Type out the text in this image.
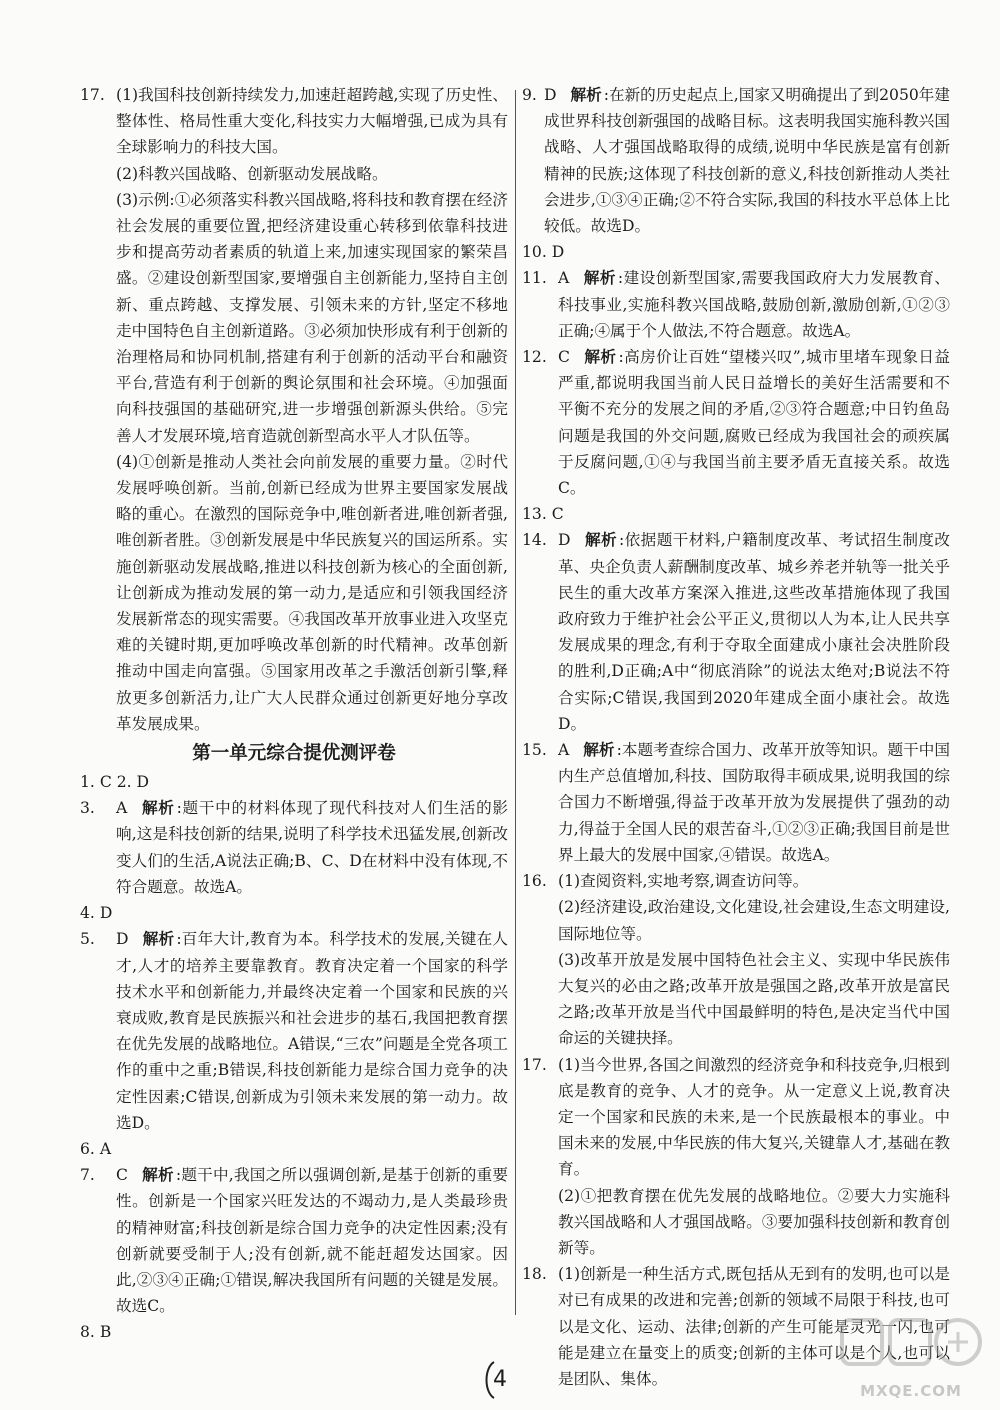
17. (1)我国科技创新持续发力,加速赶超跨越,实现了历史性、整体性、格局性重大变化,科技实力大幅增强,已成为具有全球影响力的科技大国。
(2)科教兴国战略、创新驱动发展战略。
(3)示例:①必须落实科教兴国战略,将科技和教育摆在经济社会发展的重要位置,把经济建设重心转移到依靠科技进步和提高劳动者素质的轨道上来,加速实现国家的繁荣昌盛。②建设创新型国家,要增强自主创新能力,坚持自主创新、重点跨越、支撑发展、引领未来的方针,坚定不移地走中国特色自主创新道路。③必须加快形成有利于创新的治理格局和协同机制,搭建有利于创新的活动平台和融资平台,营造有利于创新的舆论氛围和社会环境。④加强面向科技强国的基础研究,进一步增强创新源头供给。⑤完善人才发展环境,培育造就创新型高水平人才队伍等。
(4)①创新是推动人类社会向前发展的重要力量。②时代发展呼唤创新。当前,创新已经成为世界主要国家发展战略的重心。在激烈的国际竞争中,唯创新者进,唯创新者强,唯创新者胜。③创新发展是中华民族复兴的国运所系。实施创新驱动发展战略,推进以科技创新为核心的全面创新,让创新成为推动发展的第一动力,是适应和引领我国经济发展新常态的现实需要。④我国改革开放事业进入攻坚克难的关键时期,更加呼唤改革创新的时代精神。改革创新推动中国走向富强。⑤国家用改革之手激活创新引擎,释放更多创新活力,让广大人民群众通过创新更好地分享改革发展成果。
第一单元综合提优测评卷
1. C 2. D
3.	A 解析 :题干中的材料体现了现代科技对人们生活的影响,这是科技创新的结果,说明了科学技术迅猛发展,创新改变人们的生活,A说法正确;B、C、D在材料中没有体现,不符合题意。故选A。
4. D
5.	D 解析 :百年大计,教育为本。科学技术的发展,关键在人才,人才的培养主要靠教育。教育决定着一个国家的科学技术水平和创新能力,并最终决定着一个国家和民族的兴衰成败,教育是民族振兴和社会进步的基石,我国把教育摆在优先发展的战略地位。A错误,“三农”问题是全党各项工作的重中之重;B错误,科技创新能力是综合国力竞争的决定性因素;C错误,创新成为引领未来发展的第一动力。故选D。
6. A
7.	C 解析 :题干中,我国之所以强调创新,是基于创新的重要性。创新是一个国家兴旺发达的不竭动力,是人类最珍贵的精神财富;科技创新是综合国力竞争的决定性因素;没有创新就要受制于人;没有创新,就不能赶超发达国家。因此,②③④正确;①错误,解决我国所有问题的关键是发展。故选C。
8. B
9. D 解析 :在新的历史起点上,国家又明确提出了到2050年建成世界科技创新强国的战略目标。这表明我国实施科教兴国战略、人才强国战略取得的成绩,说明中华民族是富有创新精神的民族;这体现了科技创新的意义,科技创新推动人类社会进步,①③④正确;②不符合实际,我国的科技水平总体上比较低。故选D。
10. D
11. A 解析 :建设创新型国家,需要我国政府大力发展教育、科技事业,实施科教兴国战略,鼓励创新,激励创新,①②③正确;④属于个人做法,不符合题意。故选A。
12. C 解析 :高房价让百姓“望楼兴叹”,城市里堵车现象日益严重,都说明我国当前人民日益增长的美好生活需要和不平衡不充分的发展之间的矛盾,②③符合题意;中日钓鱼岛问题是我国的外交问题,腐败已经成为我国社会的顽疾属于反腐问题,①④与我国当前主要矛盾无直接关系。故选C。
13. C
14. D 解析 :依据题干材料,户籍制度改革、考试招生制度改革、央企负责人薪酬制度改革、城乡养老并轨等一批关乎民生的重大改革方案深入推进,这些改革措施体现了我国政府致力于维护社会公平正义,贯彻以人为本,让人民共享发展成果的理念,有利于夺取全面建成小康社会决胜阶段的胜利,D正确;A中“彻底消除”的说法太绝对;B说法不符合实际;C错误,我国到2020年建成全面小康社会。故选D。
15. A 解析 :本题考查综合国力、改革开放等知识。题干中国内生产总值增加,科技、国防取得丰硕成果,说明我国的综合国力不断增强,得益于改革开放为发展提供了强劲的动力,得益于全国人民的艰苦奋斗,①②③正确;我国目前是世界上最大的发展中国家,④错误。故选A。
16. (1)查阅资料,实地考察,调查访问等。
(2)经济建设,政治建设,文化建设,社会建设,生态文明建设,国际地位等。
(3)改革开放是发展中国特色社会主义、实现中华民族伟大复兴的必由之路;改革开放是强国之路,改革开放是富民之路;改革开放是当代中国最鲜明的特色,是决定当代中国命运的关键抉择。
17. (1)当今世界,各国之间激烈的经济竞争和科技竞争,归根到底是教育的竞争、人才的竞争。从一定意义上说,教育决定一个国家和民族的未来,是一个民族最根本的事业。中国未来的发展,中华民族的伟大复兴,关键靠人才,基础在教育。
(2)①把教育摆在优先发展的战略地位。②要大力实施科教兴国战略和人才强国战略。③要加强科技创新和教育创新等。
18. (1)创新是一种生活方式,既包括从无到有的发明,也可以是对已有成果的改进和完善;创新的领域不局限于科技,也可以是文化、运动、法律;创新的产生可能是灵光一闪,也可能是建立在量变上的质变;创新的主体可以是个人,也可以是团队、集体。
4	MXQE.COM
